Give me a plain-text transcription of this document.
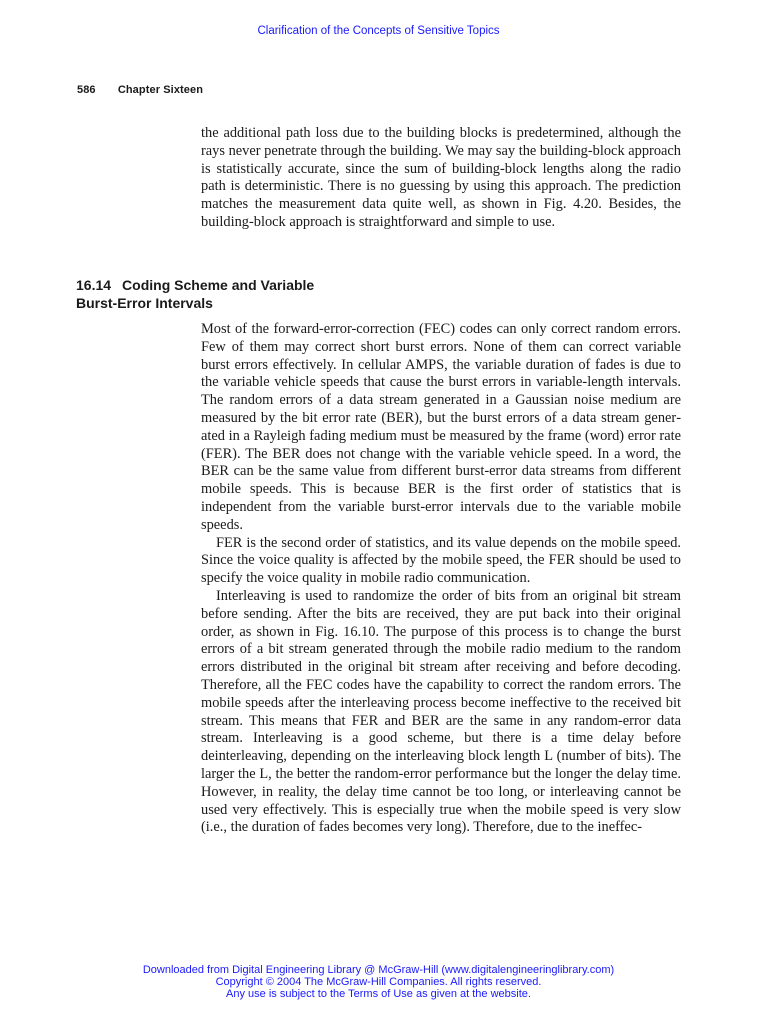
Clarification of the Concepts of Sensitive Topics
586 Chapter Sixteen

the additional path loss due to the building blocks is predetermined, although the rays never penetrate through the building. We may say the building-block approach is statistically accurate, since the sum of building-block lengths along the radio path is deterministic. There is no guessing by using this approach. The prediction matches the measurement data quite well, as shown in Fig. 4.20. Besides, the building-block approach is straightforward and simple to use.

16.14 Coding Scheme and Variable
Burst-Error Intervals

Most of the forward-error-correction (FEC) codes can only correct random errors. Few of them may correct short burst errors. None of them can correct variable burst errors effectively. In cellular AMPS, the variable duration of fades is due to the variable vehicle speeds that cause the burst errors in variable-length intervals. The random errors of a data stream generated in a Gaussian noise medium are measured by the bit error rate (BER), but the burst errors of a data stream generated in a Rayleigh fading medium must be measured by the frame (word) error rate (FER). The BER does not change with the variable vehicle speed. In a word, the BER can be the same value from different burst-error data streams from different mobile speeds. This is because BER is the first order of statistics that is independent from the variable burst-error intervals due to the variable mobile speeds.

FER is the second order of statistics, and its value depends on the mobile speed. Since the voice quality is affected by the mobile speed, the FER should be used to specify the voice quality in mobile radio communication.

Interleaving is used to randomize the order of bits from an original bit stream before sending. After the bits are received, they are put back into their original order, as shown in Fig. 16.10. The purpose of this process is to change the burst errors of a bit stream generated through the mobile radio medium to the random errors distributed in the original bit stream after receiving and before decoding. Therefore, all the FEC codes have the capability to correct the random errors. The mobile speeds after the interleaving process become ineffective to the received bit stream. This means that FER and BER are the same in any random-error data stream. Interleaving is a good scheme, but there is a time delay before deinterleaving, depending on the interleaving block length L (number of bits). The larger the L, the better the random-error performance but the longer the delay time. However, in reality, the delay time cannot be too long, or interleaving cannot be used very effectively. This is especially true when the mobile speed is very slow (i.e., the duration of fades becomes very long). Therefore, due to the ineffec-

Downloaded from Digital Engineering Library @ McGraw-Hill (www.digitalengineeringlibrary.com)
Copyright © 2004 The McGraw-Hill Companies. All rights reserved.
Any use is subject to the Terms of Use as given at the website.
